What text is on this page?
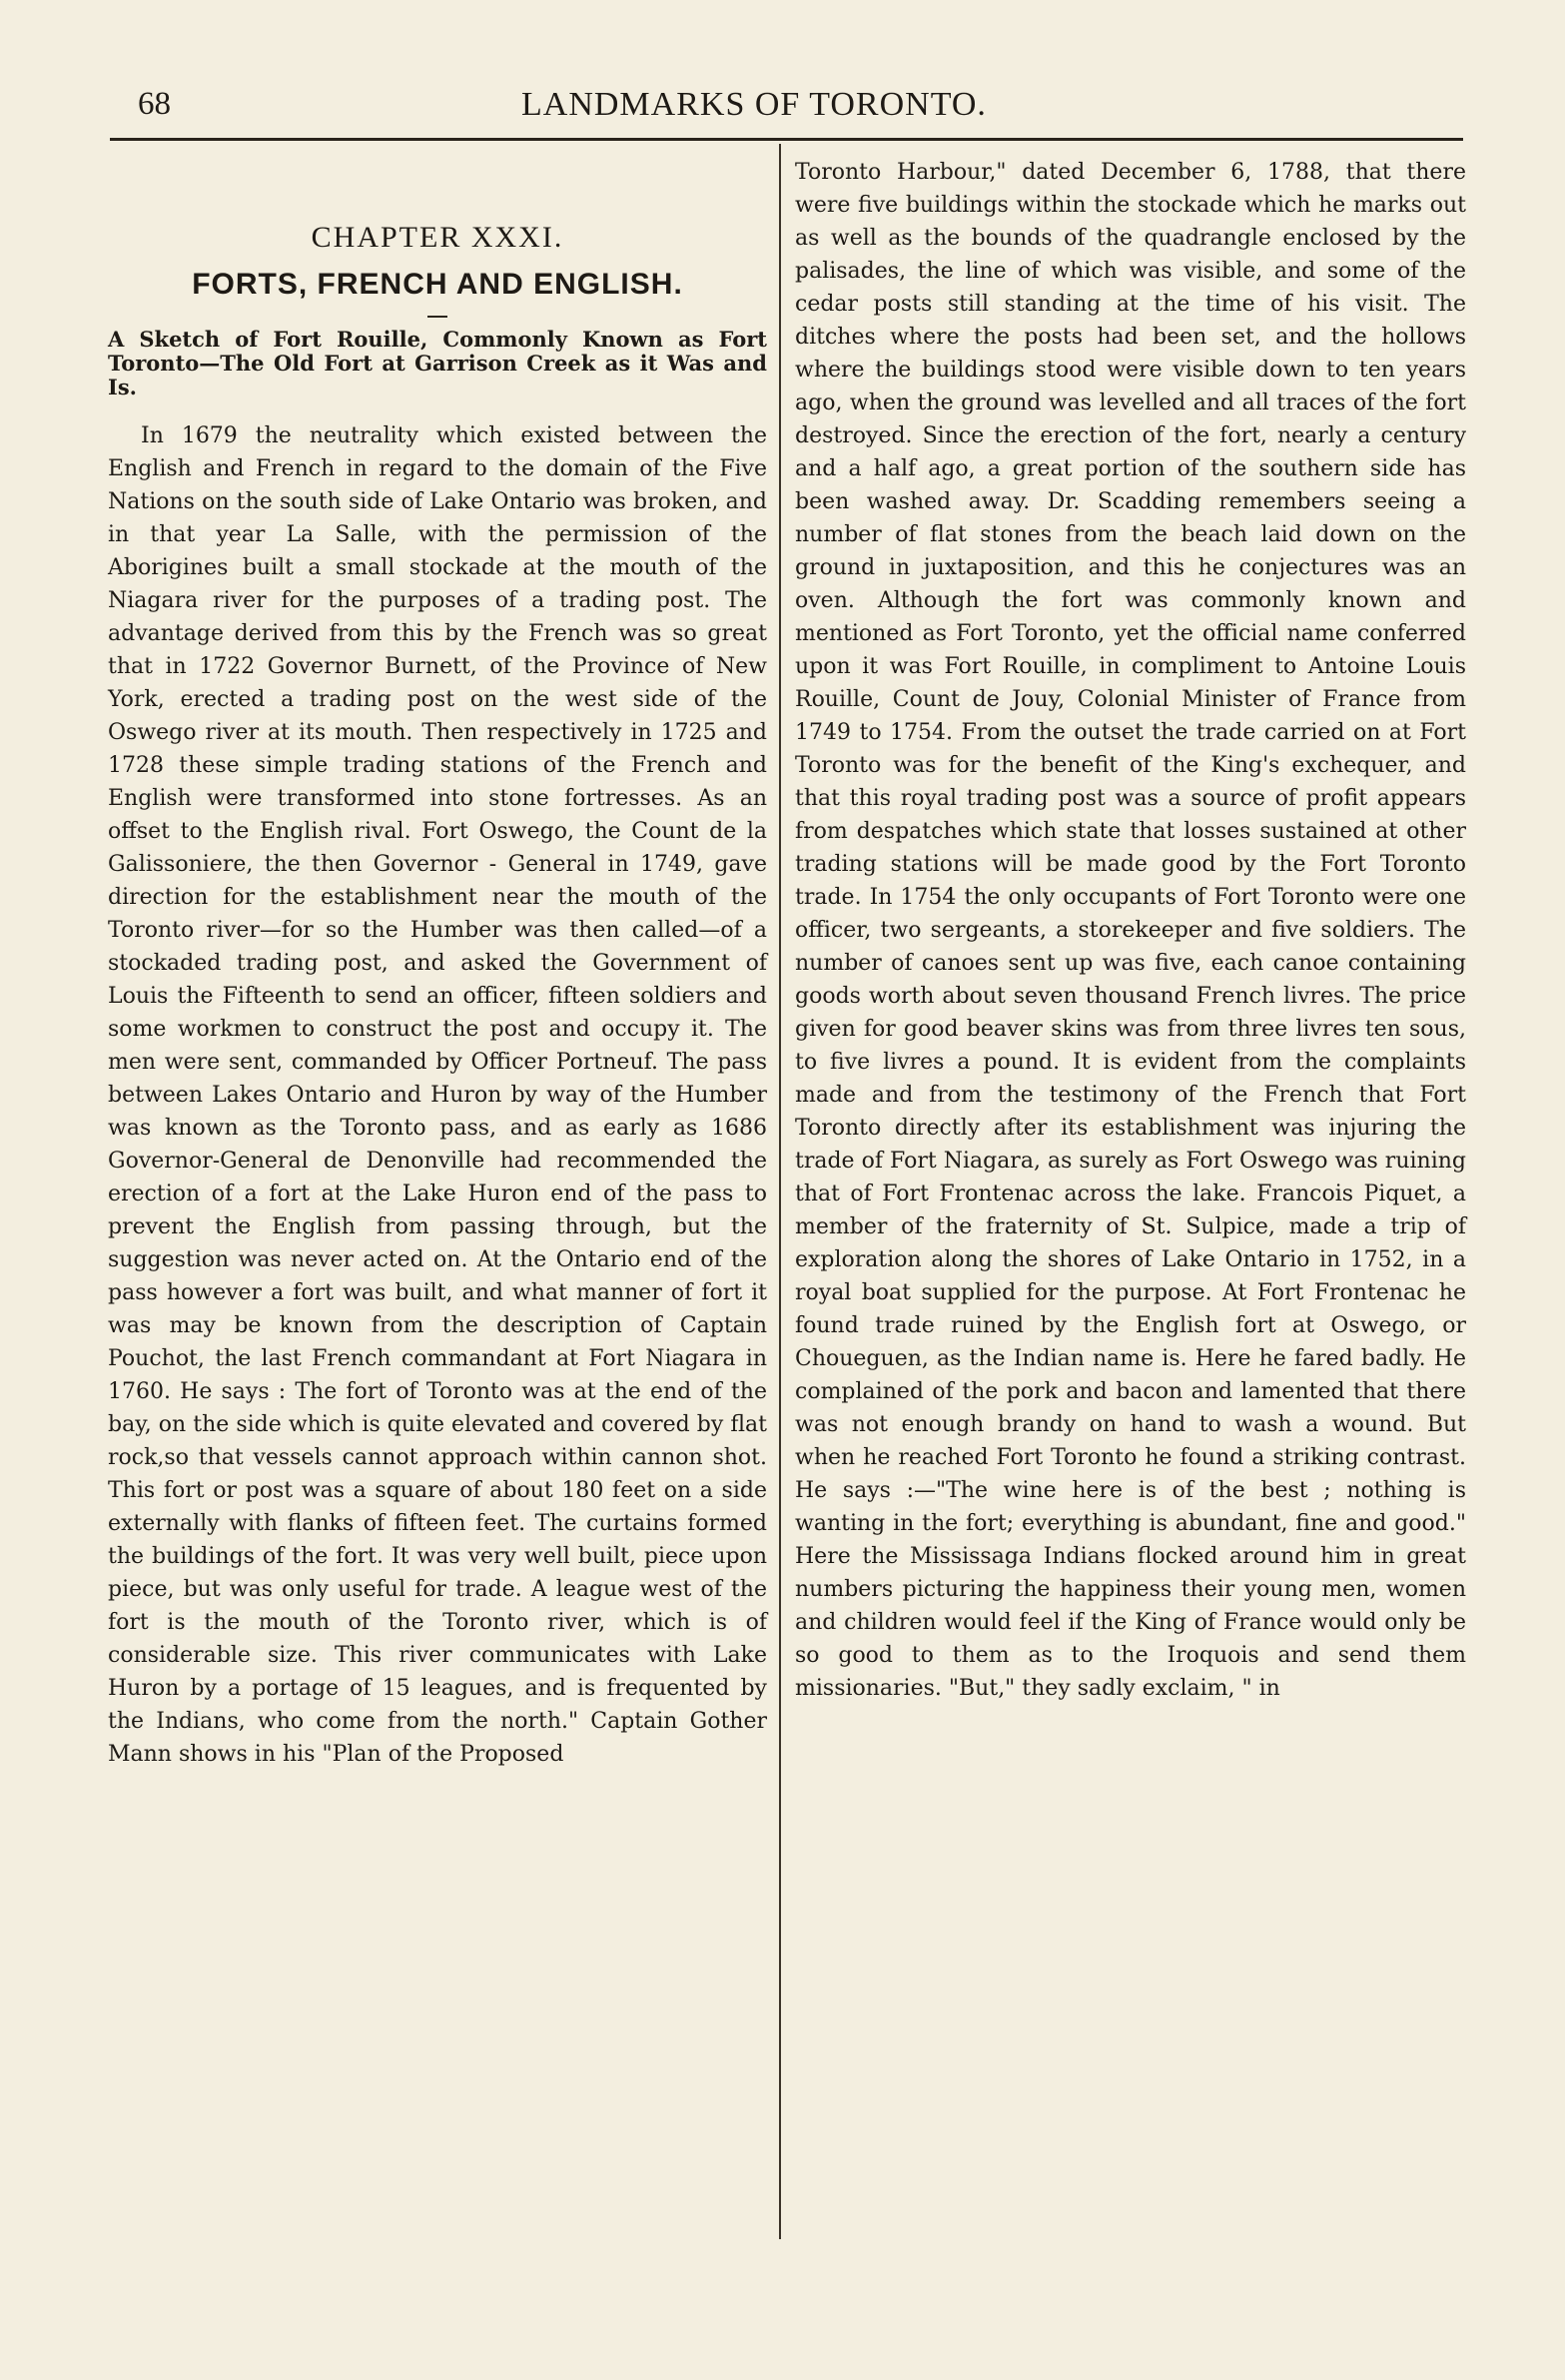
68	LANDMARKS OF TORONTO.
CHAPTER XXXI.
FORTS, FRENCH AND ENGLISH.
A Sketch of Fort Rouille, Commonly Known as Fort Toronto—The Old Fort at Garrison Creek as it Was and Is.

In 1679 the neutrality which existed between the English and French in regard to the domain of the Five Nations on the south side of Lake Ontario was broken, and in that year La Salle, with the permission of the Aborigines built a small stockade at the mouth of the Niagara river for the purposes of a trading post. The advantage derived from this by the French was so great that in 1722 Governor Burnett, of the Province of New York, erected a trading post on the west side of the Oswego river at its mouth. Then respectively in 1725 and 1728 these simple trading stations of the French and English were transformed into stone fortresses. As an offset to the English rival. Fort Oswego, the Count de la Galissoniere, the then Governor - General in 1749, gave direction for the establishment near the mouth of the Toronto river—for so the Humber was then called—of a stockaded trading post, and asked the Government of Louis the Fifteenth to send an officer, fifteen soldiers and some workmen to construct the post and occupy it. The men were sent, commanded by Officer Portneuf. The pass between Lakes Ontario and Huron by way of the Humber was known as the Toronto pass, and as early as 1686 Governor-General de Denonville had recommended the erection of a fort at the Lake Huron end of the pass to prevent the English from passing through, but the suggestion was never acted on. At the Ontario end of the pass however a fort was built, and what manner of fort it was may be known from the description of Captain Pouchot, the last French commandant at Fort Niagara in 1760. He says : The fort of Toronto was at the end of the bay, on the side which is quite elevated and covered by flat rock,so that vessels cannot approach within cannon shot. This fort or post was a square of about 180 feet on a side externally with flanks of fifteen feet. The curtains formed the buildings of the fort. It was very well built, piece upon piece, but was only useful for trade. A league west of the fort is the mouth of the Toronto river, which is of considerable size. This river communicates with Lake Huron by a portage of 15 leagues, and is frequented by the Indians, who come from the north." Captain Gother Mann shows in his "Plan of the Proposed

Toronto Harbour," dated December 6, 1788, that there were five buildings within the stockade which he marks out as well as the bounds of the quadrangle enclosed by the palisades, the line of which was visible, and some of the cedar posts still standing at the time of his visit. The ditches where the posts had been set, and the hollows where the buildings stood were visible down to ten years ago, when the ground was levelled and all traces of the fort destroyed. Since the erection of the fort, nearly a century and a half ago, a great portion of the southern side has been washed away. Dr. Scadding remembers seeing a number of flat stones from the beach laid down on the ground in juxtaposition, and this he conjectures was an oven. Although the fort was commonly known and mentioned as Fort Toronto, yet the official name conferred upon it was Fort Rouille, in compliment to Antoine Louis Rouille, Count de Jouy, Colonial Minister of France from 1749 to 1754. From the outset the trade carried on at Fort Toronto was for the benefit of the King's exchequer, and that this royal trading post was a source of profit appears from despatches which state that losses sustained at other trading stations will be made good by the Fort Toronto trade. In 1754 the only occupants of Fort Toronto were one officer, two sergeants, a storekeeper and five soldiers. The number of canoes sent up was five, each canoe containing goods worth about seven thousand French livres. The price given for good beaver skins was from three livres ten sous, to five livres a pound. It is evident from the complaints made and from the testimony of the French that Fort Toronto directly after its establishment was injuring the trade of Fort Niagara, as surely as Fort Oswego was ruining that of Fort Frontenac across the lake. Francois Piquet, a member of the fraternity of St. Sulpice, made a trip of exploration along the shores of Lake Ontario in 1752, in a royal boat supplied for the purpose. At Fort Frontenac he found trade ruined by the English fort at Oswego, or Choueguen, as the Indian name is. Here he fared badly. He complained of the pork and bacon and lamented that there was not enough brandy on hand to wash a wound. But when he reached Fort Toronto he found a striking contrast. He says :—"The wine here is of the best ; nothing is wanting in the fort; everything is abundant, fine and good." Here the Mississaga Indians flocked around him in great numbers picturing the happiness their young men, women and children would feel if the King of France would only be so good to them as to the Iroquois and send them missionaries. "But," they sadly exclaim, " in
